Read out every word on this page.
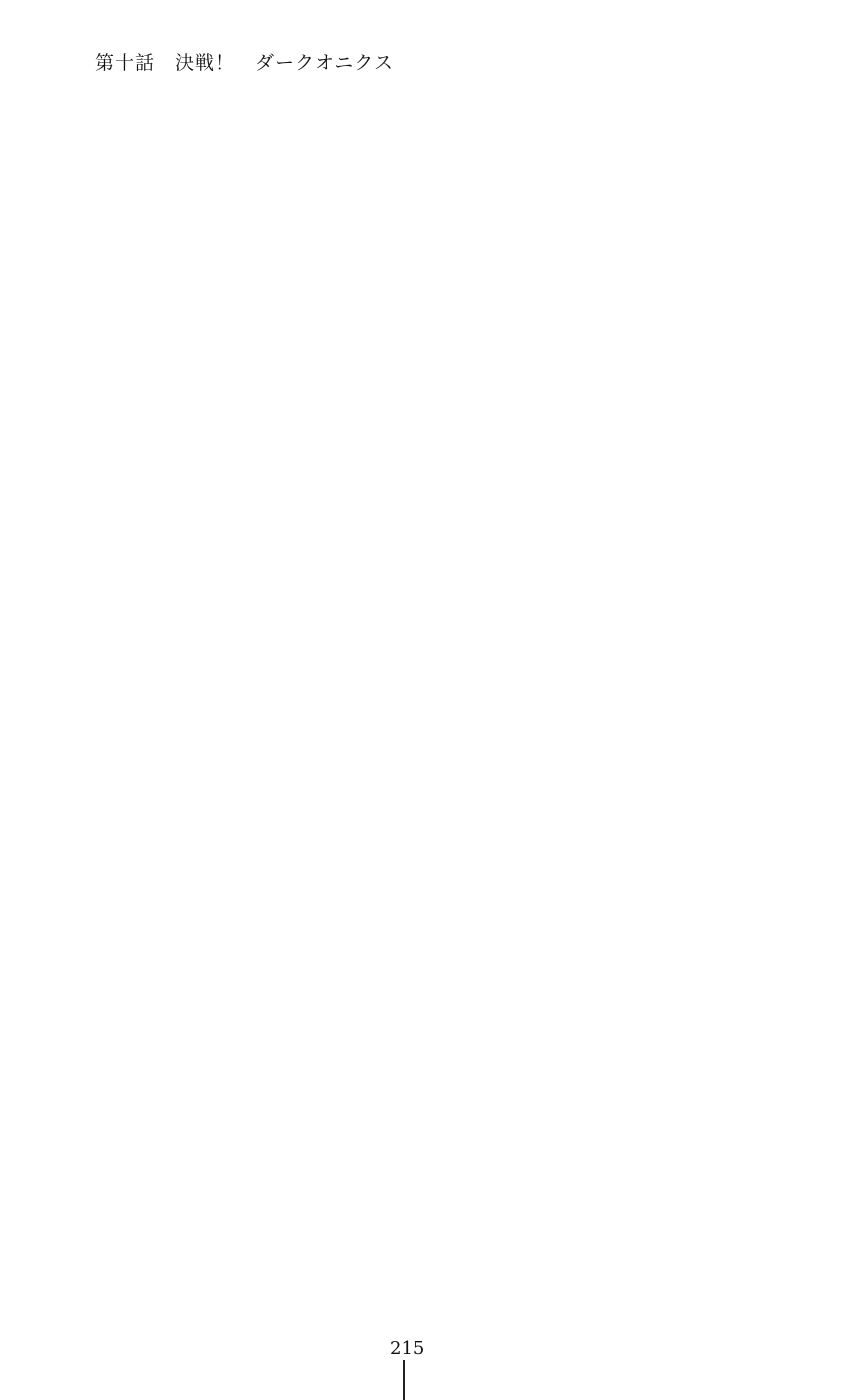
第十話　決戦！　ダークオニクス
215
